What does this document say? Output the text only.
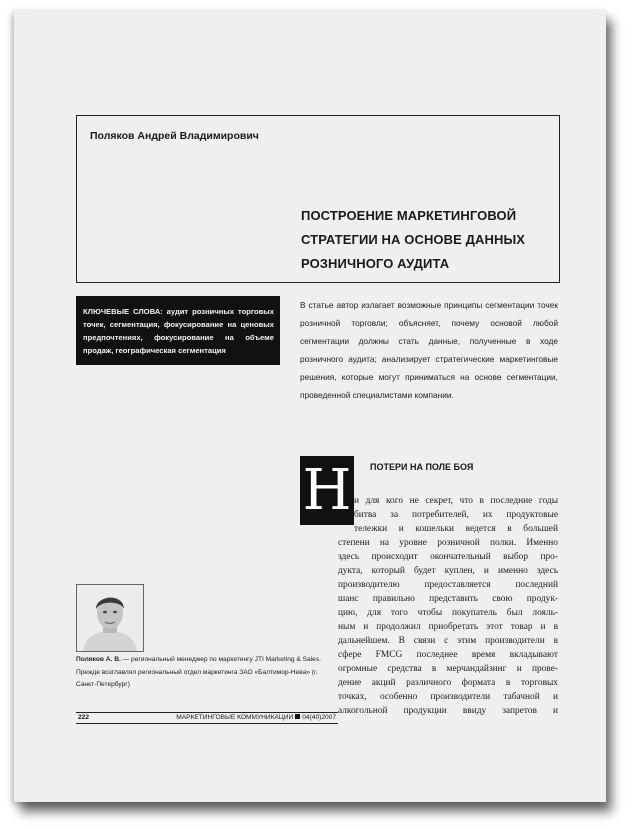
Поляков Андрей Владимирович
ПОСТРОЕНИЕ МАРКЕТИНГОВОЙ
СТРАТЕГИИ НА ОСНОВЕ ДАННЫХ
РОЗНИЧНОГО АУДИТА
КЛЮЧЕВЫЕ СЛОВА: аудит розничных торговых точек, сегментация, фокусирование на ценовых предпочтениях, фокусирование на объеме продаж, географическая сегментация
В статье автор излагает возможные принципы сегментации точек розничной торговли; объясняет, почему основой любой сегментации должны стать данные, полученные в ходе розничного аудита; анализирует стратегические маркетинговые решения, которые могут приниматься на основе сегментации, проведенной специалистами компании.
Н ПОТЕРИ НА ПОЛЕ БОЯ
и для кого не секрет, что в последние годы
битва за потребителей, их продуктовые
тележки и кошельки ведется в большей
степени на уровне розничной полки. Именно
здесь происходит окончательный выбор про-
дукта, который будет куплен, и именно здесь
производителю предоставляется последний
шанс правильно представить свою продук-
цию, для того чтобы покупатель был лояль-
ным и продолжил приобретать этот товар и в
дальнейшем. В связи с этим производители в
сфере FMCG последнее время вкладывают
огромные средства в мерчандайзинг и прове-
дение акций различного формата в торговых
точках, особенно производители табачной и
алкогольной продукции ввиду запретов и
Поляков А. В. — региональный менеджер по маркетингу JTI Marketing & Sales. Прежде возглавлял региональный отдел маркетинга ЗАО «Балтимор-Нева» (г. Санкт-Петербург)
222	МАРКЕТИНГОВЫЕ КОММУНИКАЦИИ 04(40)2007
